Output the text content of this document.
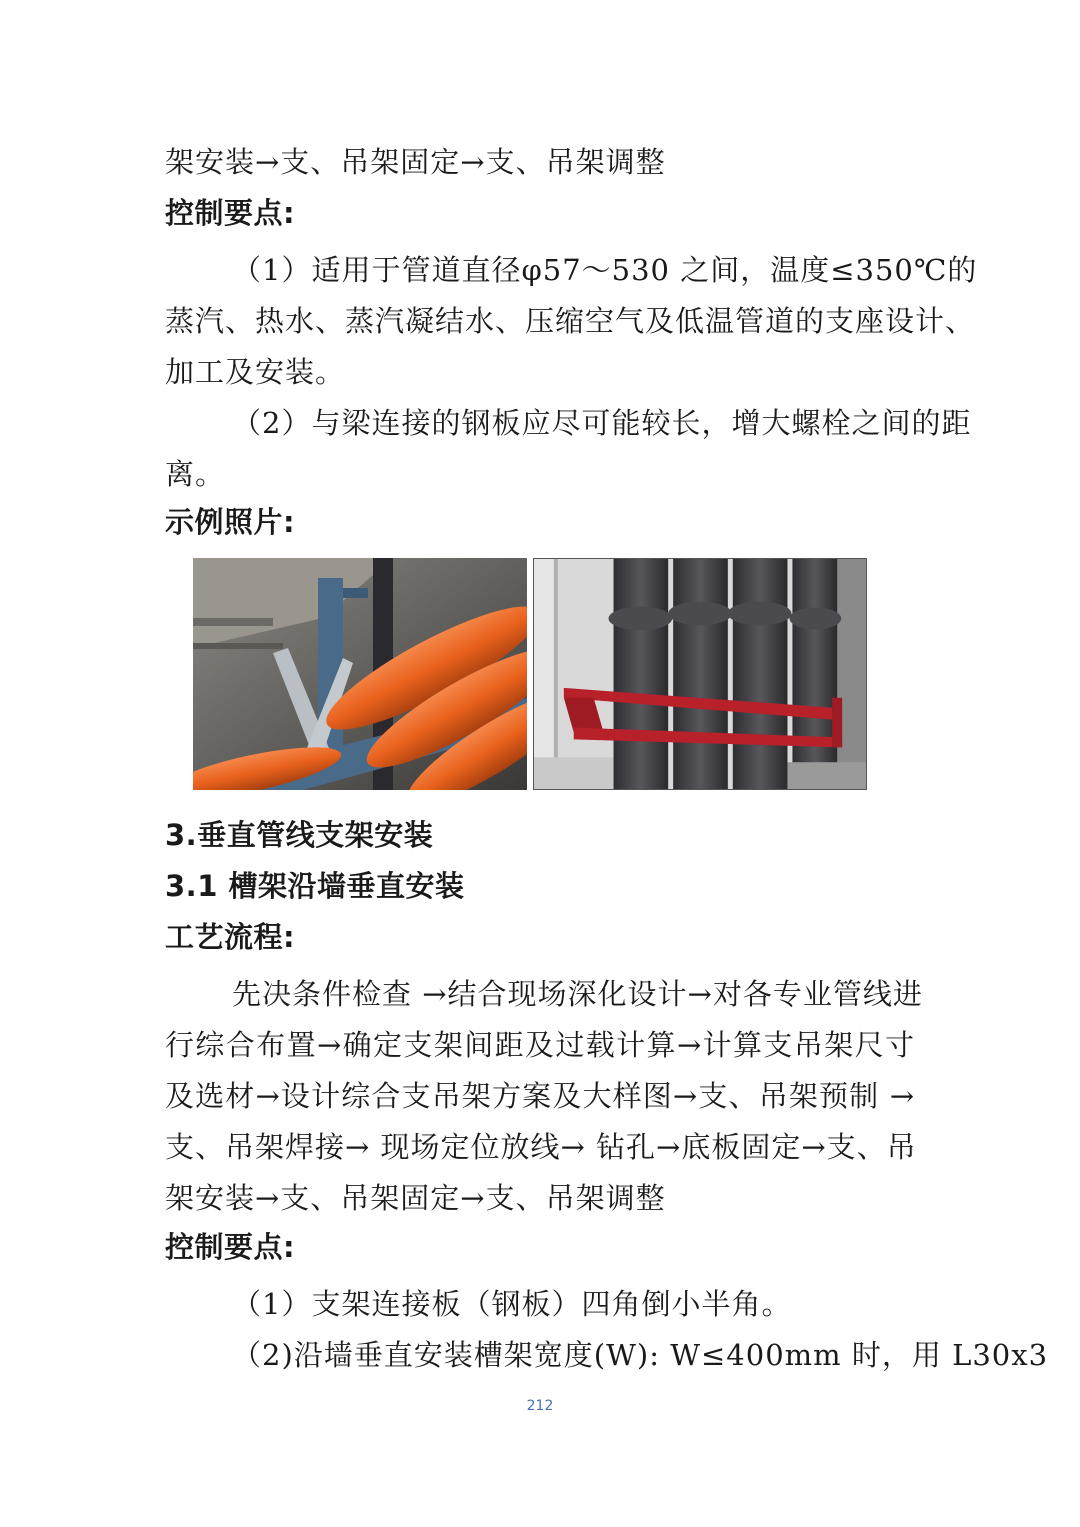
架安装→支、吊架固定→支、吊架调整
控制要点:
（1）适用于管道直径φ57～530 之间，温度≤350℃的
蒸汽、热水、蒸汽凝结水、压缩空气及低温管道的支座设计、
加工及安装。
（2）与梁连接的钢板应尽可能较长，增大螺栓之间的距
离。
示例照片:
3.垂直管线支架安装
3.1 槽架沿墙垂直安装
工艺流程:
先决条件检查 →结合现场深化设计→对各专业管线进
行综合布置→确定支架间距及过载计算→计算支吊架尺寸
及选材→设计综合支吊架方案及大样图→支、吊架预制 →
支、吊架焊接→ 现场定位放线→ 钻孔→底板固定→支、吊
架安装→支、吊架固定→支、吊架调整
控制要点:
（1）支架连接板（钢板）四角倒小半角。
（2)沿墙垂直安装槽架宽度(W): W≤400mm 时，用 L30x3
212
